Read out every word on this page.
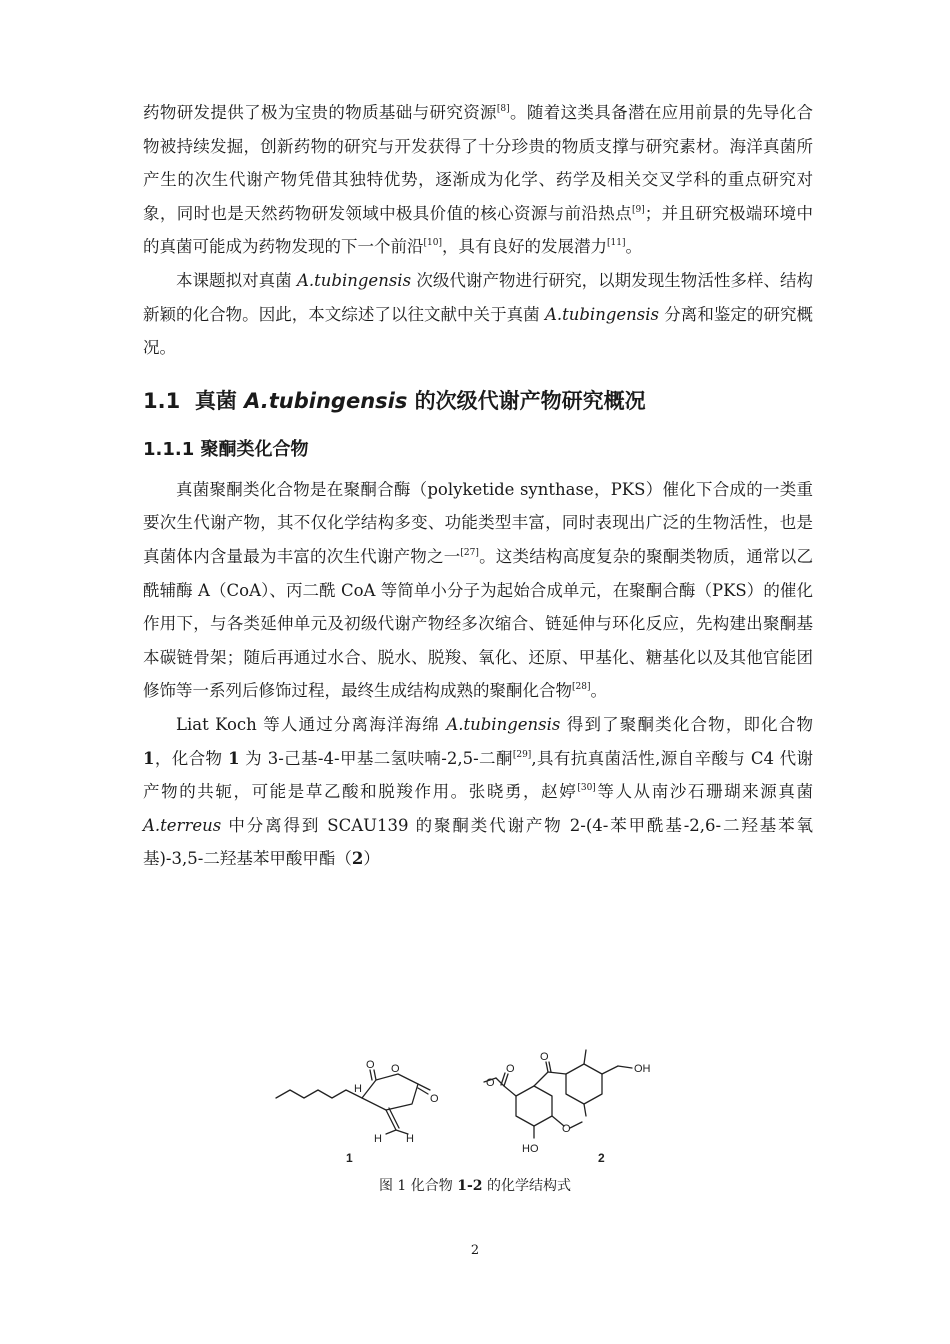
药物研发提供了极为宝贵的物质基础与研究资源[8]。随着这类具备潜在应用前景的先导化合物被持续发掘，创新药物的研究与开发获得了十分珍贵的物质支撑与研究素材。海洋真菌所产生的次生代谢产物凭借其独特优势，逐渐成为化学、药学及相关交叉学科的重点研究对象，同时也是天然药物研发领域中极具价值的核心资源与前沿热点[9]；并且研究极端环境中的真菌可能成为药物发现的下一个前沿[10]，具有良好的发展潜力[11]。

本课题拟对真菌 A.tubingensis 次级代谢产物进行研究，以期发现生物活性多样、结构新颖的化合物。因此，本文综述了以往文献中关于真菌 A.tubingensis 分离和鉴定的研究概况。

1.1 真菌 A.tubingensis 的次级代谢产物研究概况
1.1.1 聚酮类化合物

真菌聚酮类化合物是在聚酮合酶（polyketide synthase，PKS）催化下合成的一类重要次生代谢产物，其不仅化学结构多变、功能类型丰富，同时表现出广泛的生物活性，也是真菌体内含量最为丰富的次生代谢产物之一[27]。这类结构高度复杂的聚酮类物质，通常以乙酰辅酶 A（CoA）、丙二酰 CoA 等简单小分子为起始合成单元，在聚酮合酶（PKS）的催化作用下，与各类延伸单元及初级代谢产物经多次缩合、链延伸与环化反应，先构建出聚酮基本碳链骨架；随后再通过水合、脱水、脱羧、氧化、还原、甲基化、糖基化以及其他官能团修饰等一系列后修饰过程，最终生成结构成熟的聚酮化合物[28]。

Liat Koch 等人通过分离海洋海绵 A.tubingensis 得到了聚酮类化合物，即化合物 1，化合物 1 为 3-己基-4-甲基二氢呋喃-2,5-二酮[29],具有抗真菌活性,源自辛酸与 C4 代谢产物的共轭，可能是草乙酸和脱羧作用。张晓勇，赵婷[30]等人从南沙石珊瑚来源真菌 A.terreus 中分离得到 SCAU139 的聚酮类代谢产物 2-(4-苯甲酰基-2,6-二羟基苯氧基)-3,5-二羟基苯甲酸甲酯（2）

O O
O
H
H
H
O
O
O
O
OH
HO
1	2
图 1 化合物 1-2 的化学结构式
2
